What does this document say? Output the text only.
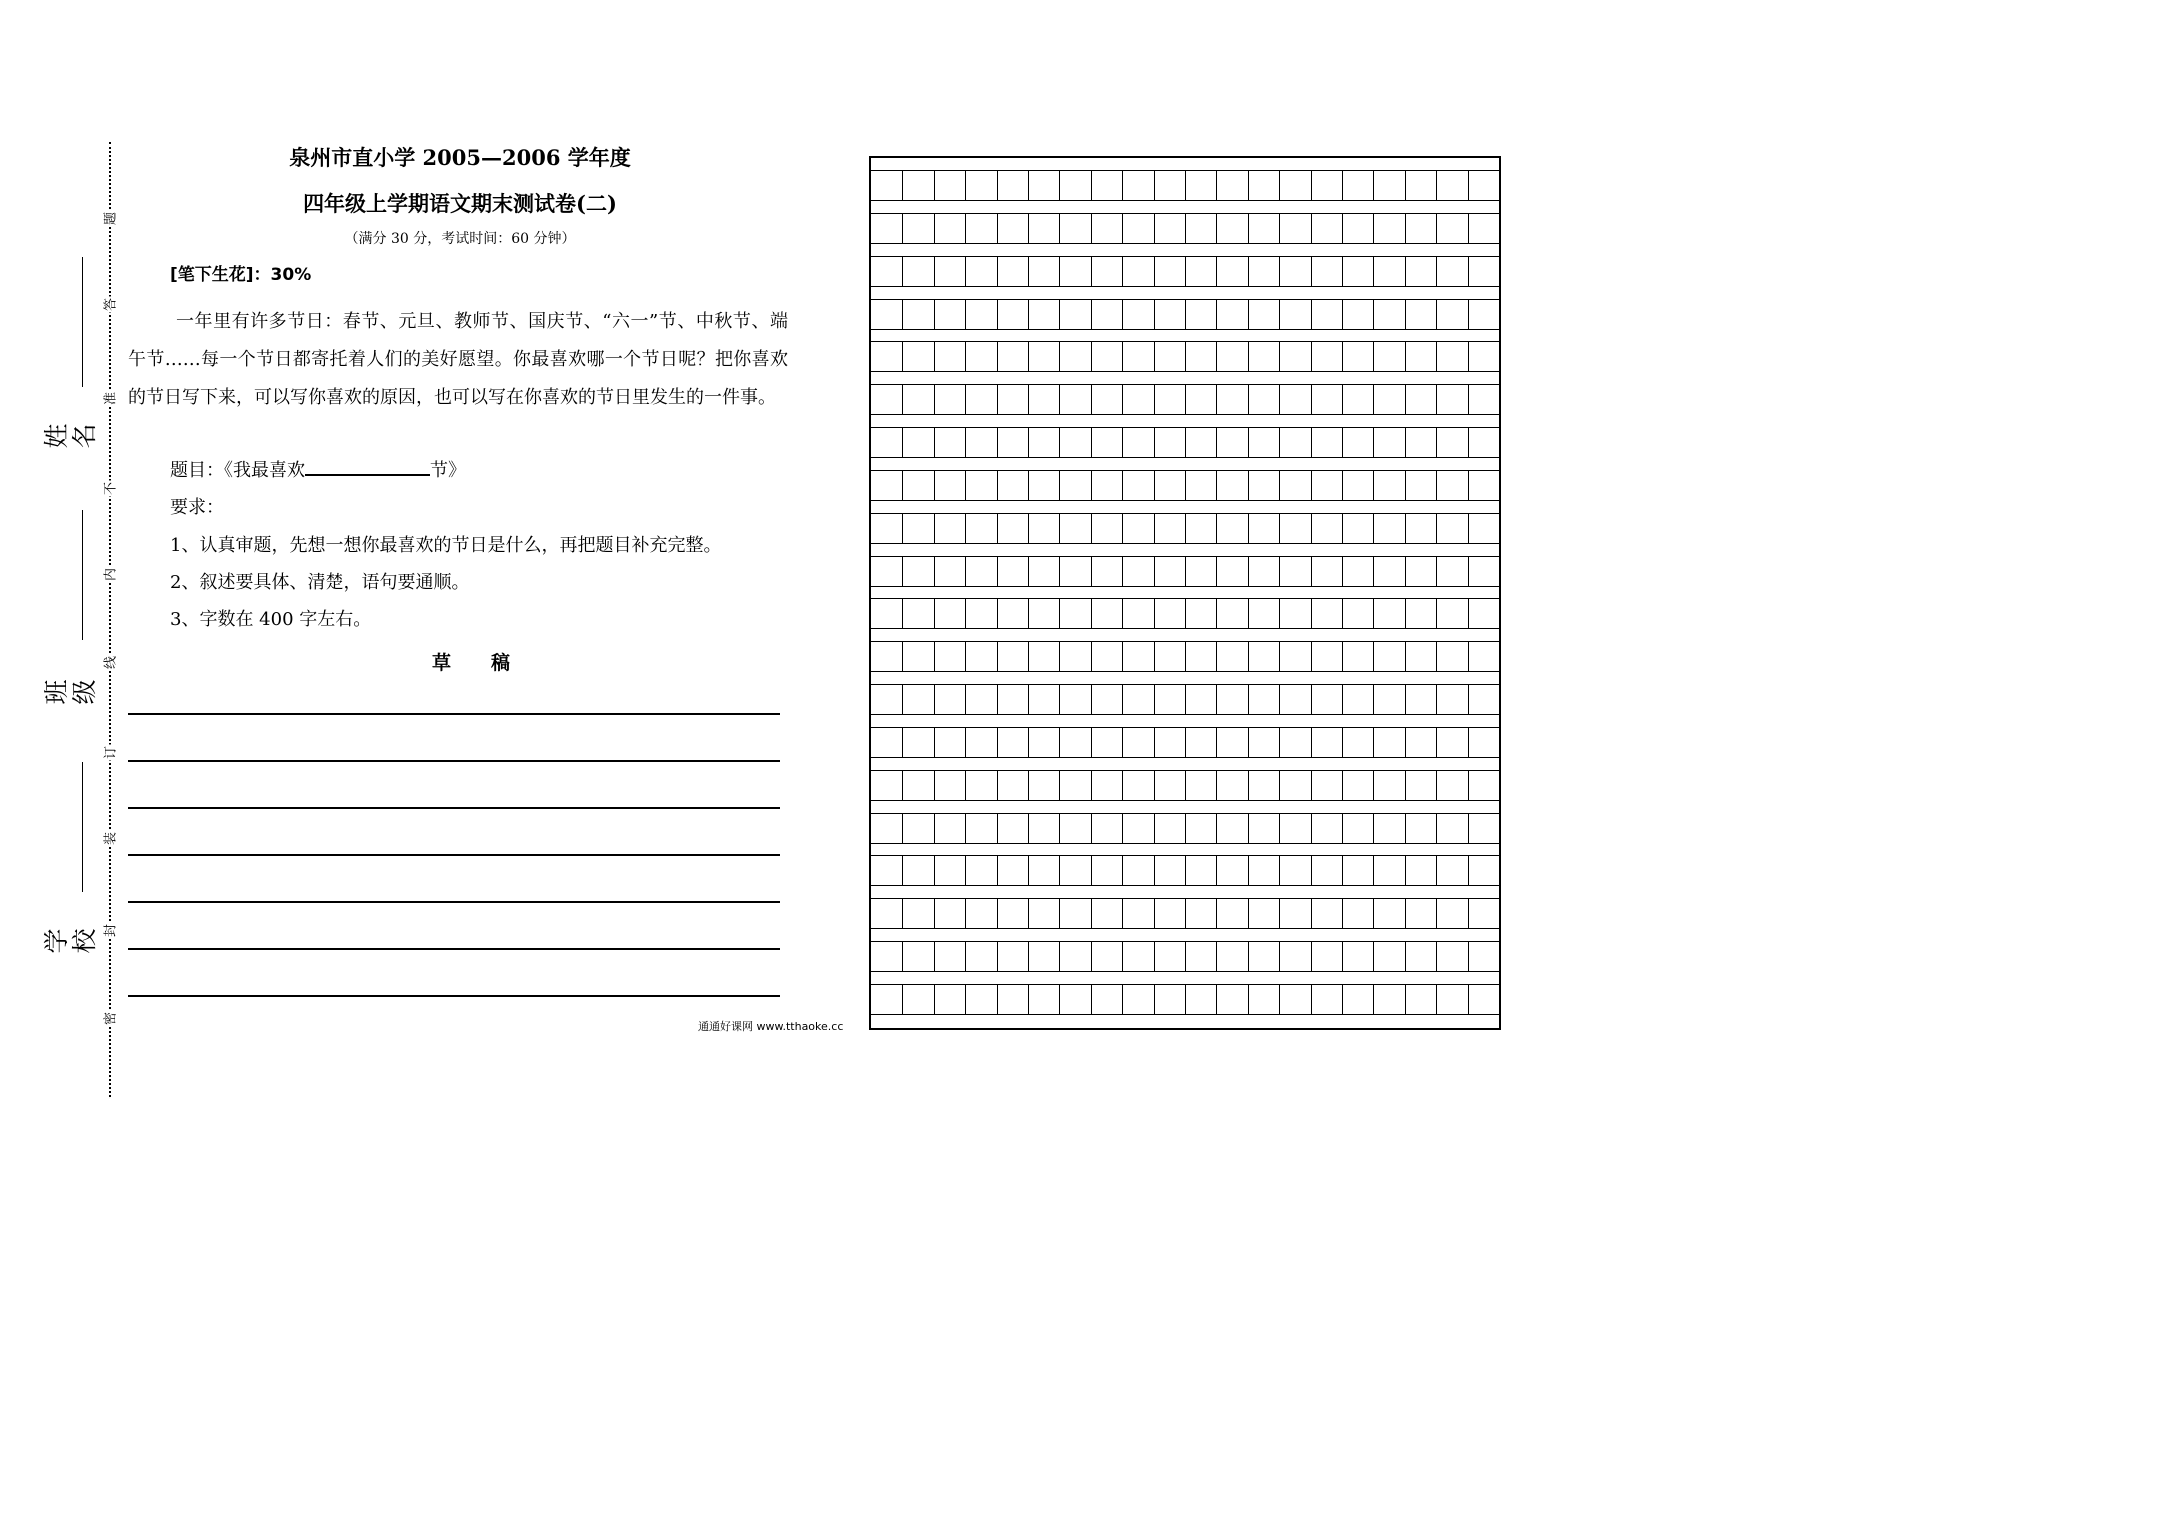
题
答
准
不
内
线
订
装
封
密
姓名
班级
学校
泉州市直小学 2005—2006 学年度
四年级上学期语文期末测试卷(二)
（满分 30 分，考试时间：60 分钟）
[笔下生花]：30%

一年里有许多节日：春节、元旦、教师节、国庆节、“六一”节、中秋节、端午节……每一个节日都寄托着人们的美好愿望。你最喜欢哪一个节日呢？把你喜欢的节日写下来，可以写你喜欢的原因，也可以写在你喜欢的节日里发生的一件事。

题目：《我最喜欢	节》
要求：
1、认真审题，先想一想你最喜欢的节日是什么，再把题目补充完整。
2、叙述要具体、清楚，语句要通顺。
3、字数在 400 字左右。
草稿
通通好课网 www.tthaoke.cc
